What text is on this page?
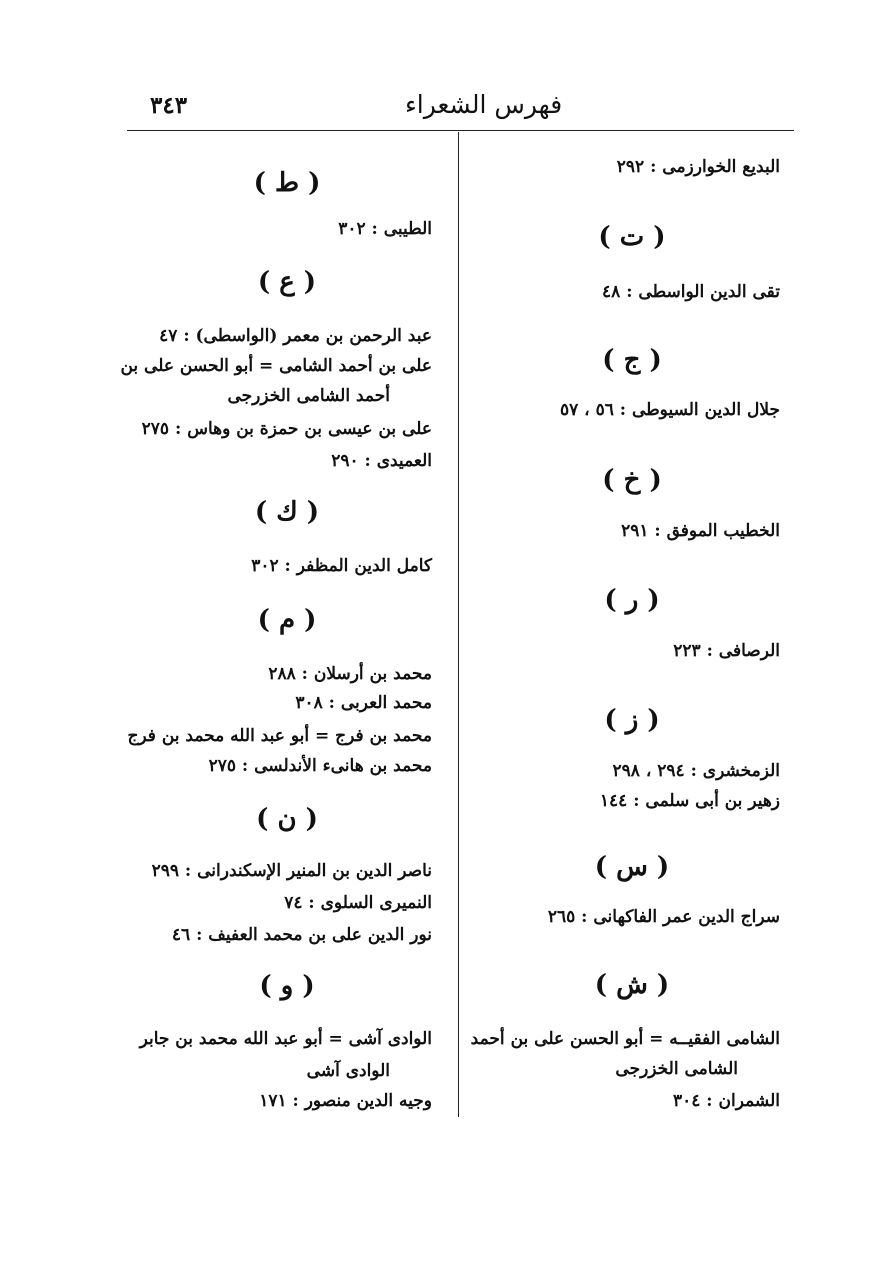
٣٤٣	فهرس الشعراء
البديع الخوارزمى : ٢٩٢
( ت )
تقى الدين الواسطى : ٤٨
( ج )
جلال الدين السيوطى : ٥٦ ، ٥٧
( خ )
الخطيب الموفق : ٢٩١
( ر )
الرصافى : ٢٢٣
( ز )
الزمخشرى : ٢٩٤ ، ٢٩٨
زهير بن أبى سلمى : ١٤٤
( س )
سراج الدين عمر الفاكهانى : ٢٦٥
( ش )
الشامى الفقيــه = أبو الحسن على بن أحمد
الشامى الخزرجى
الشمران : ٣٠٤
( ط )
الطيبى : ٣٠٢
( ع )
عبد الرحمن بن معمر (الواسطى) : ٤٧
على بن أحمد الشامى = أبو الحسن على بن
أحمد الشامى الخزرجى
على بن عيسى بن حمزة بن وهاس : ٢٧٥
العميدى : ٢٩٠
( ك )
كامل الدين المظفر : ٣٠٢
( م )
محمد بن أرسلان : ٢٨٨
محمد العربى : ٣٠٨
محمد بن فرج = أبو عبد الله محمد بن فرج
محمد بن هانىء الأندلسى : ٢٧٥
( ن )
ناصر الدين بن المنير الإسكندرانى : ٢٩٩
النميرى السلوى : ٧٤
نور الدين على بن محمد العفيف : ٤٦
( و )
الوادى آشى = أبو عبد الله محمد بن جابر
الوادى آشى
وجيه الدين منصور : ١٧١
